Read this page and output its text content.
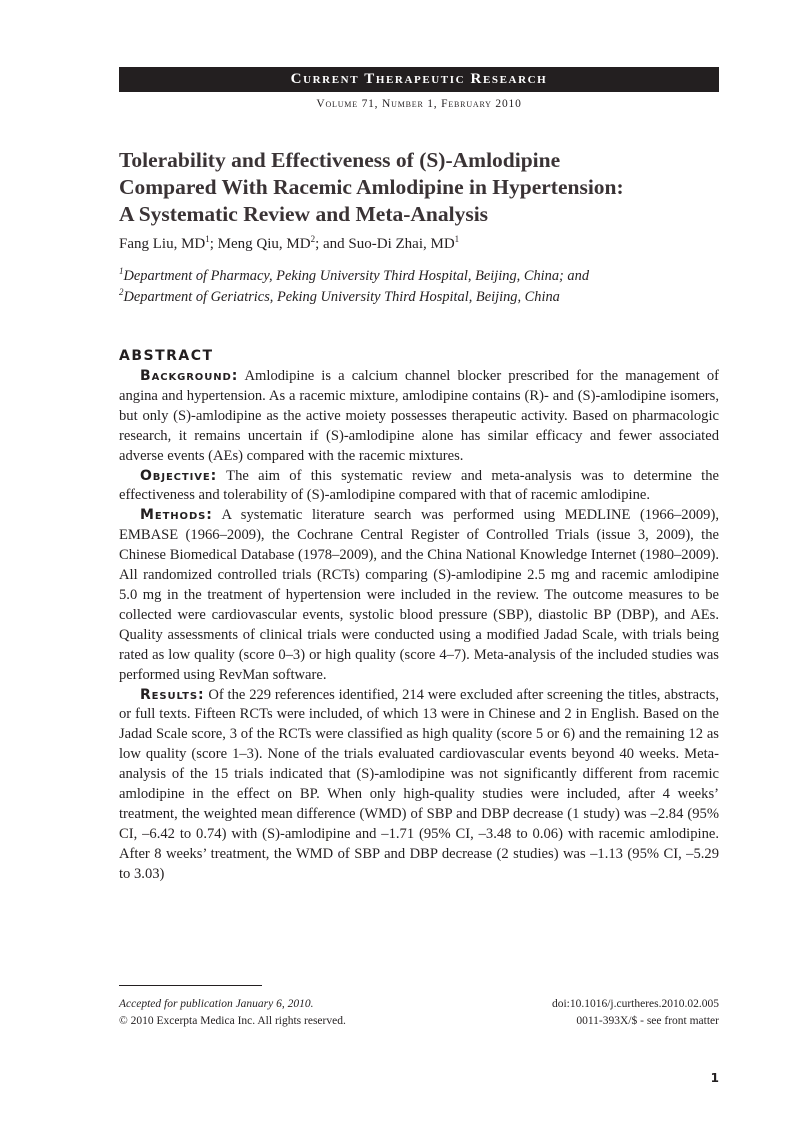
Current Therapeutic Research
Volume 71, Number 1, February 2010
Tolerability and Effectiveness of (S)-Amlodipine
Compared With Racemic Amlodipine in Hypertension:
A Systematic Review and Meta-Analysis
Fang Liu, $MD^1$; Meng Qiu, $MD^2$; and Suo-Di Zhai, $MD^1$
$^1$Department of Pharmacy, Peking University Third Hospital, Beijing, China; and
$^2$Department of Geriatrics, Peking University Third Hospital, Beijing, China
ABSTRACT

Background: Amlodipine is a calcium channel blocker prescribed for the management of angina and hypertension. As a racemic mixture, amlodipine contains (R)- and (S)-amlodipine isomers, but only (S)-amlodipine as the active moiety possesses therapeutic activity. Based on pharmacologic research, it remains uncertain if (S)-amlodipine alone has similar efficacy and fewer associated adverse events (AEs) compared with the racemic mixtures.

Objective: The aim of this systematic review and meta-analysis was to determine the effectiveness and tolerability of (S)-amlodipine compared with that of racemic amlodipine.

Methods: A systematic literature search was performed using MEDLINE (1966–2009), EMBASE (1966–2009), the Cochrane Central Register of Controlled Trials (issue 3, 2009), the Chinese Biomedical Database (1978–2009), and the China National Knowledge Internet (1980–2009). All randomized controlled trials (RCTs) comparing (S)-amlodipine 2.5 mg and racemic amlodipine 5.0 mg in the treatment of hypertension were included in the review. The outcome measures to be collected were cardiovascular events, systolic blood pressure (SBP), diastolic BP (DBP), and AEs. Quality assessments of clinical trials were conducted using a modified Jadad Scale, with trials being rated as low quality (score 0–3) or high quality (score 4–7). Meta-analysis of the included studies was performed using RevMan software.

Results: Of the 229 references identified, 214 were excluded after screening the titles, abstracts, or full texts. Fifteen RCTs were included, of which 13 were in Chinese and 2 in English. Based on the Jadad Scale score, 3 of the RCTs were classified as high quality (score 5 or 6) and the remaining 12 as low quality (score 1–3). None of the trials evaluated cardiovascular events beyond 40 weeks. Meta-analysis of the 15 trials indicated that (S)-amlodipine was not significantly different from racemic amlodipine in the effect on BP. When only high-quality studies were included, after 4 weeks’ treatment, the weighted mean difference (WMD) of SBP and DBP decrease (1 study) was –2.84 (95% CI, –6.42 to 0.74) with (S)-amlodipine and –1.71 (95% CI, –3.48 to 0.06) with racemic amlodipine. After 8 weeks’ treatment, the WMD of SBP and DBP decrease (2 studies) was –1.13 (95% CI, –5.29 to 3.03)

Accepted for publication January 6, 2010.
© 2010 Excerpta Medica Inc. All rights reserved.
doi:10.1016/j.curtheres.2010.02.005
0011-393X/$ - see front matter
1
